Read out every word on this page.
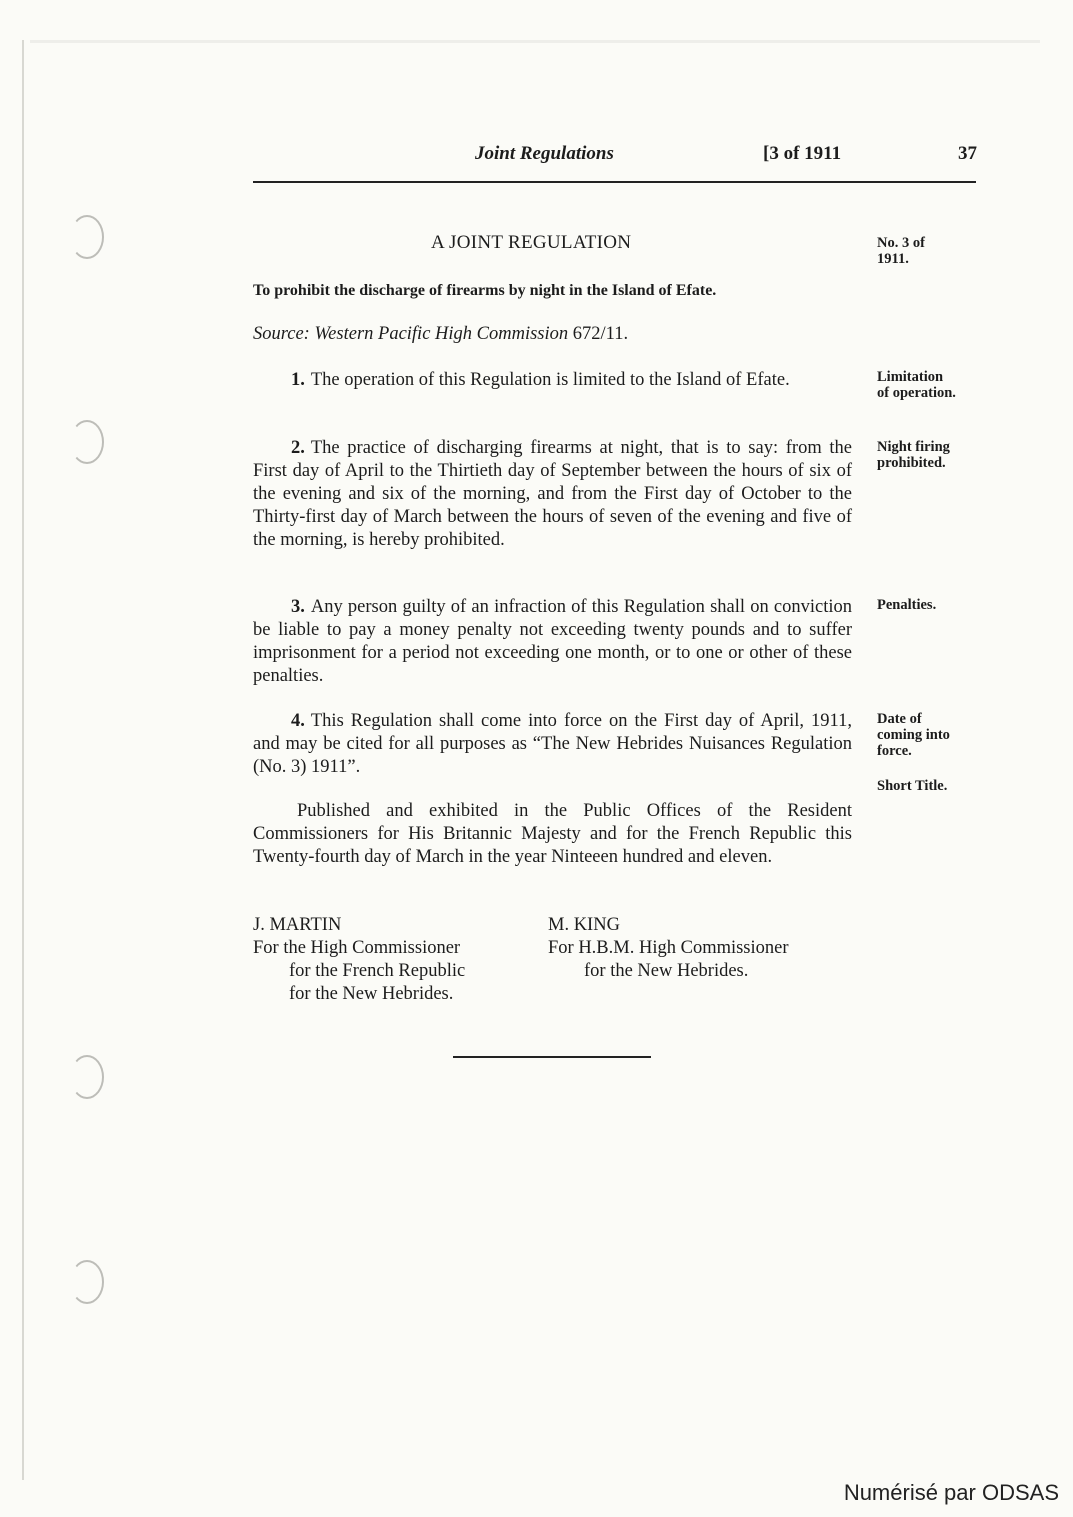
Joint Regulations	[3 of 1911	37
A JOINT REGULATION	No. 3 of
1911.
To prohibit the discharge of firearms by night in the Island of Efate.
Source: Western Pacific High Commission 672/11.
1. The operation of this Regulation is limited to the Island of Efate.	Limitation
of operation.
2. The practice of discharging firearms at night, that is to say: from the First day of April to the Thirtieth day of September between the hours of six of the evening and six of the morning, and from the First day of October to the Thirty-first day of March between the hours of seven of the evening and five of the morning, is hereby prohibited.
Night firing
prohibited.
3. Any person guilty of an infraction of this Regulation shall on conviction be liable to pay a money penalty not exceeding twenty pounds and to suffer imprisonment for a period not exceeding one month, or to one or other of these penalties.
Penalties.
4. This Regulation shall come into force on the First day of April, 1911, and may be cited for all purposes as “The New Hebrides Nuisances Regulation (No. 3) 1911”.
Date of
coming into
force.
Short Title.
Published and exhibited in the Public Offices of the Resident Commissioners for His Britannic Majesty and for the French Republic this Twenty-fourth day of March in the year Ninteeen hundred and eleven.
J. MARTIN
For the High Commissioner
for the French Republic
for the New Hebrides.
M. KING
For H.B.M. High Commissioner
for the New Hebrides.
Numérisé par ODSAS
